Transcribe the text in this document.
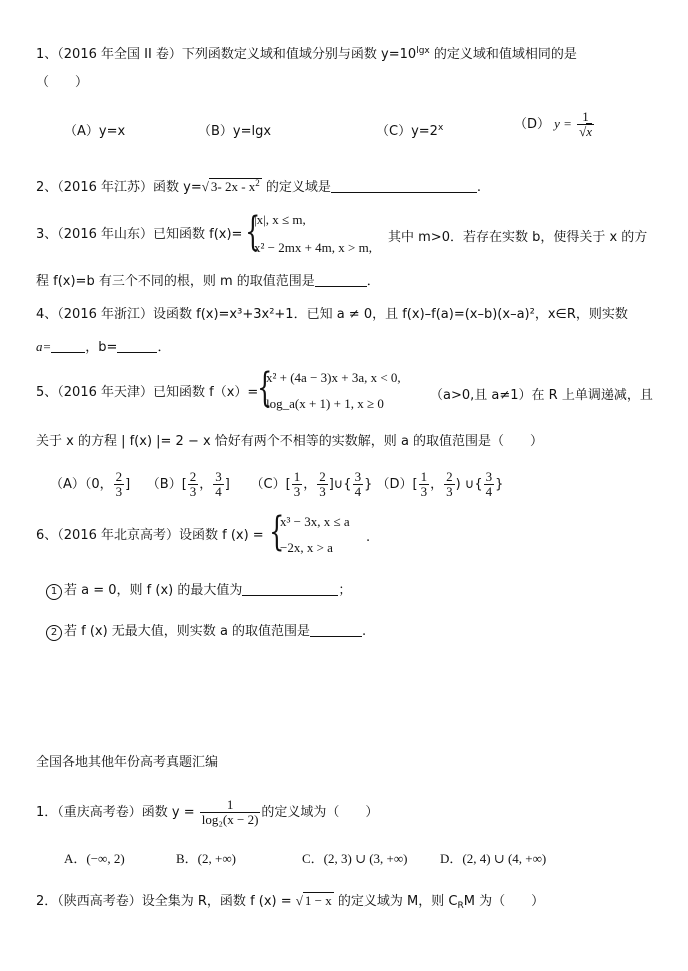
1、（2016 年全国 II 卷）下列函数定义域和值域分别与函数 $y=10^{lgx}$ 的定义域和值域相同的是
（　　）
（A）y=x	（B）y=lgx	$(C)y=2^x$	（D） $y = \frac{1}{√x}$
2、（2016 年江苏）函数 y=√ 3- $2x - x^2$ 的定义域是	.
3、（2016 年山东）已知函数 f(x)= {
|x|, x ≤ m,
x² − 2mx + 4m, x > m,
其中 m>0．若存在实数 b，使得关于 x 的方
程 f(x)=b 有三个不同的根，则 m 的取值范围是	．
4、（2016 年浙江）设函数 f(x)=x³+3x²+1．已知 a ≠ 0，且 f(x)–f(a)=(x–b)(x–a)²，x∈R，则实数
a=	，b=	．
5、（2016 年天津）已知函数 f（x）=
{
x² + (4a − 3)x + 3a, x < 0,
log_a(x + 1) + 1, x ≥ 0
（a>0,且 a≠1）在 R 上单调递减，且
关于 x 的方程 | f(x) |= 2 − x 恰好有两个不相等的实数解，则 a 的取值范围是（　　）
（A）（0， $\frac{2}{3}$ ] $(B)[ \frac{2}{3}$ ， $\frac{3}{4}$ ] $(C)[ \frac{1}{3}$ ， $\frac{2}{3}$ ]∪{ $\frac{3}{4}$ } $(D)[ \frac{1}{3}$ ， $\frac{2}{3}$ ) ∪{ $\frac{3}{4}$ }
6、（2016 年北京高考）设函数 f (x) = {
x³ − 3x, x ≤ a
−2x, x > a
.
1 若 a = 0，则 f (x) 的最大值为	；
2 若 f (x) 无最大值，则实数 a 的取值范围是	.
全国各地其他年份高考真题汇编
1．（重庆高考卷）函数 $y = \frac{1}{\text{log₂(x − 2)}}$ 的定义域为（　　）
A．(−∞, 2)	B．(2, +∞)	C．(2, 3) ∪ (3, +∞)	D．(2, 4) ∪ (4, +∞)
2．（陕西高考卷）设全集为 R，函数 f (x) = √ 1 − x 的定义域为 M，则 $C_RM$ 为（　　）
